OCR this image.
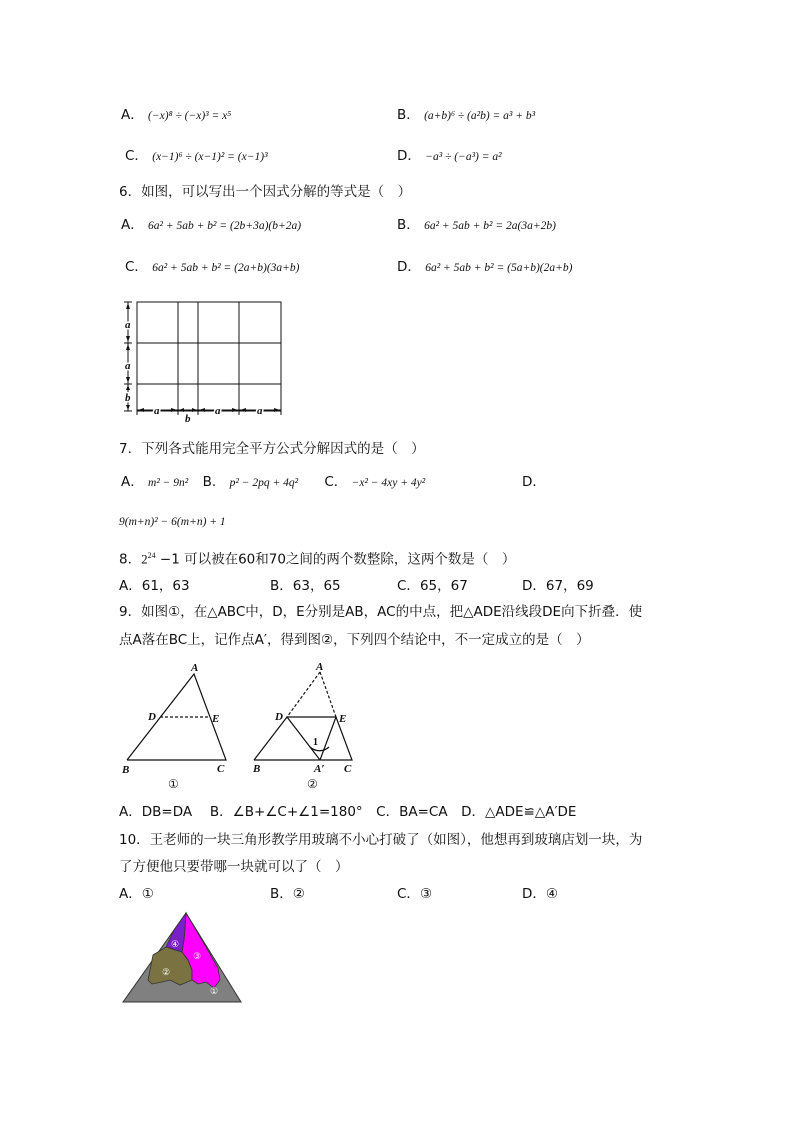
A． (−x)⁸ ÷ (−x)³ = x⁵	B． (a+b)⁶ ÷ (a²b) = a³ + b³
C． (x−1)⁶ ÷ (x−1)² = (x−1)³	D． −a³ ÷ (−a³) = a²
6．如图，可以写出一个因式分解的等式是（　）
A． 6a² + 5ab + b² = (2b+3a)(b+2a)	B． 6a² + 5ab + b² = 2a(3a+2b)
C． 6a² + 5ab + b² = (2a+b)(3a+b)	D． 6a² + 5ab + b² = (5a+b)(2a+b)
a
a
b
a
b
a	a
7．下列各式能用完全平方公式分解因式的是（　）
A． m² − 9n² B． p² − 2pq + 4q² C． −x² − 4xy + 4y²	D．
9(m+n)² − 6(m+n) + 1
8．$2^{24} -1$ 可以被在60和70之间的两个数整除，这两个数是（　）
A．61，63	B．63，65	C．65，67	D．67，69
9．如图①，在△ABC中，D，E分别是AB，AC的中点，把△ADE沿线段DE向下折叠．使
点A落在BC上，记作点A′，得到图②，下列四个结论中，不一定成立的是（　）
A
D	E
B	C
①
A
D	E
B	A′ C
1
②
A．DB=DA　 B．∠B+∠C+∠1=180°　C．BA=CA　D．△ADE≌△A′DE
10．王老师的一块三角形教学用玻璃不小心打破了（如图），他想再到玻璃店划一块，为
了方便他只要带哪一块就可以了（　）
A．①	B．②	C．③	D．④
④
③
②
①
